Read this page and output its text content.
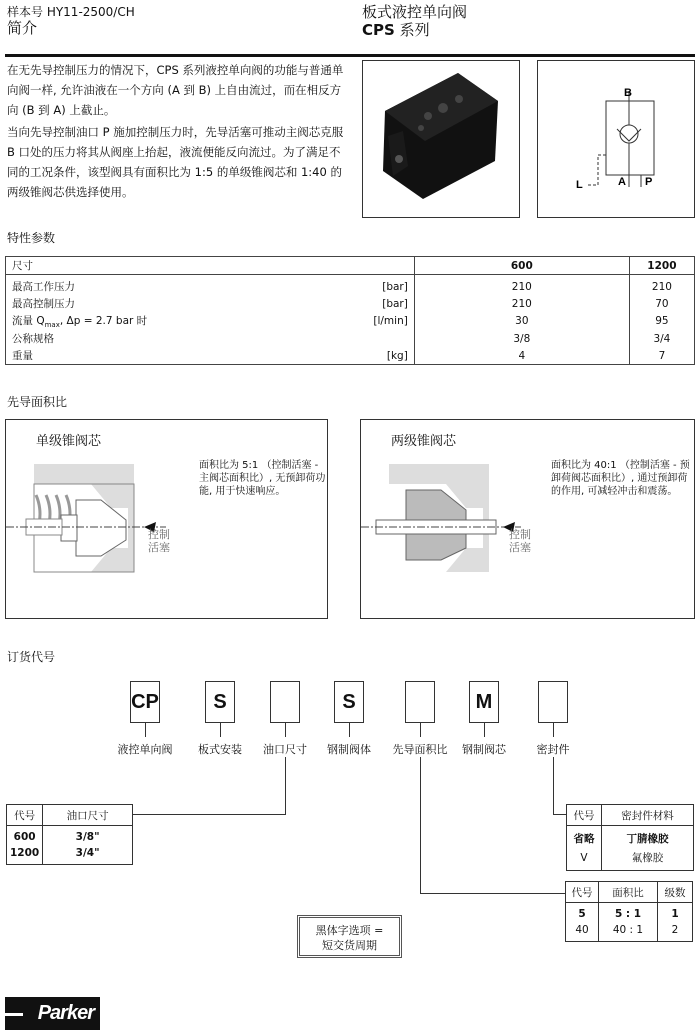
样本号 HY11-2500/CH
简介
板式液控单向阀
CPS 系列

在无先导控制压力的情况下，CPS 系列液控单向阀的功能与普通单向阀一样, 允许油液在一个方向 (A 到 B) 上自由流过，而在相反方向 (B 到 A) 上截止。

当向先导控制油口 P 施加控制压力时，先导活塞可推动主阀芯克服 B 口处的压力将其从阀座上抬起，液流便能反向流过。为了满足不同的工况条件，该型阀具有面积比为 1:5 的单级锥阀芯和 1:40 的两级锥阀芯供选择使用。

B
A P
L
特性参数
尺寸		600	1200
最高工作压力	[bar]	210	210
最高控制压力	[bar]	210	70
流量 $Q_{max}$, Δp = 2.7 bar 时	[l/min]	30	95
公称规格		3/8	3/4
重量	[kg]	4	7
先导面积比
单级锥阀芯
控制
活塞
面积比为 5:1 （控制活塞 - 主阀芯面积比）, 无预卸荷功能, 用于快速响应。
两级锥阀芯
控制
活塞
面积比为 40:1 （控制活塞 - 预卸荷阀芯面积比）, 通过预卸荷的作用, 可减轻冲击和震荡。
订货代号
CP	S	S	M
液控单向阀 板式安装 油口尺寸 钢制阀体 先导面积比 钢制阀芯	密封件
代号	油口尺寸
600	3/8"
1200	3/4"
代号	密封件材料
省略	丁腈橡胶
V	氟橡胶
代号	面积比	级数
5	5 : 1	1
40	40 : 1	2
黑体字选项 = 短交货周期
Parker
